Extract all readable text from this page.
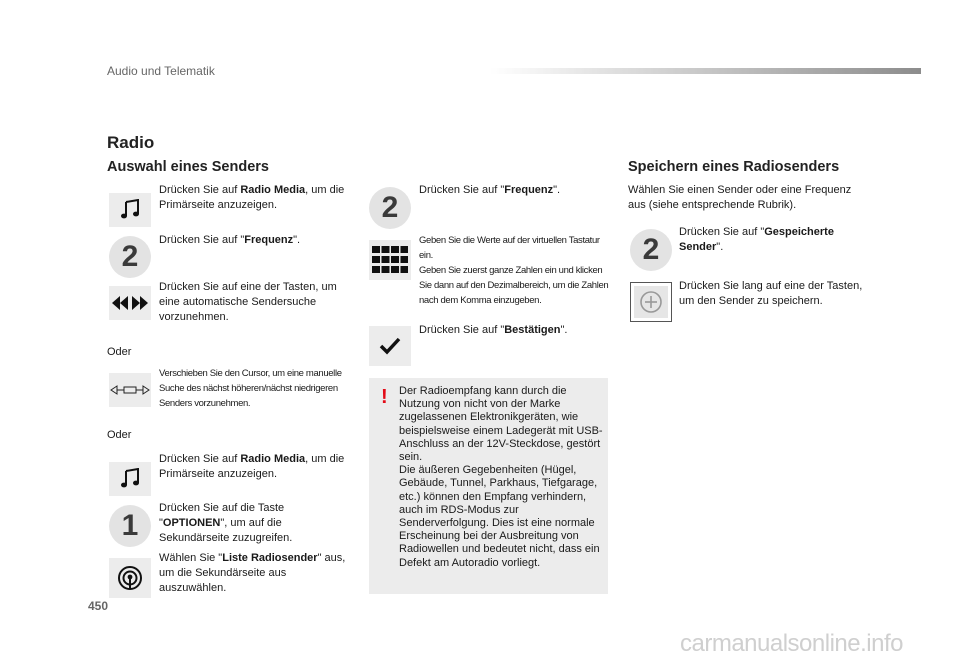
Audio und Telematik
Radio
Auswahl eines Senders
Drücken Sie auf Radio Media, um die Primärseite anzuzeigen.
2	Drücken Sie auf "Frequenz".
Drücken Sie auf eine der Tasten, um eine automatische Sendersuche vorzunehmen.
Oder
Verschieben Sie den Cursor, um eine manuelle Suche des nächst höheren/nächst niedrigeren Senders vorzunehmen.
Oder
Drücken Sie auf Radio Media, um die Primärseite anzuzeigen.
1
Drücken Sie auf die Taste "OPTIONEN", um auf die Sekundärseite zuzugreifen.
Wählen Sie "Liste Radiosender" aus, um die Sekundärseite aus auszuwählen.
2
Drücken Sie auf "Frequenz".
Geben Sie die Werte auf der virtuellen Tastatur ein.
Geben Sie zuerst ganze Zahlen ein und klicken Sie dann auf den Dezimalbereich, um die Zahlen nach dem Komma einzugeben.
Drücken Sie auf "Bestätigen".
!	Der Radioempfang kann durch die Nutzung von nicht von der Marke zugelassenen Elektronikgeräten, wie beispielsweise einem Ladegerät mit USB-Anschluss an der 12V-Steckdose, gestört sein.
Die äußeren Gegebenheiten (Hügel, Gebäude, Tunnel, Parkhaus, Tiefgarage, etc.) können den Empfang verhindern, auch im RDS-Modus zur Senderverfolgung. Dies ist eine normale Erscheinung bei der Ausbreitung von Radiowellen und bedeutet nicht, dass ein Defekt am Autoradio vorliegt.
Speichern eines Radiosenders
Wählen Sie einen Sender oder eine Frequenz aus (siehe entsprechende Rubrik).
2
Drücken Sie auf "Gespeicherte Sender".
Drücken Sie lang auf eine der Tasten, um den Sender zu speichern.
450
carmanualsonline.info
